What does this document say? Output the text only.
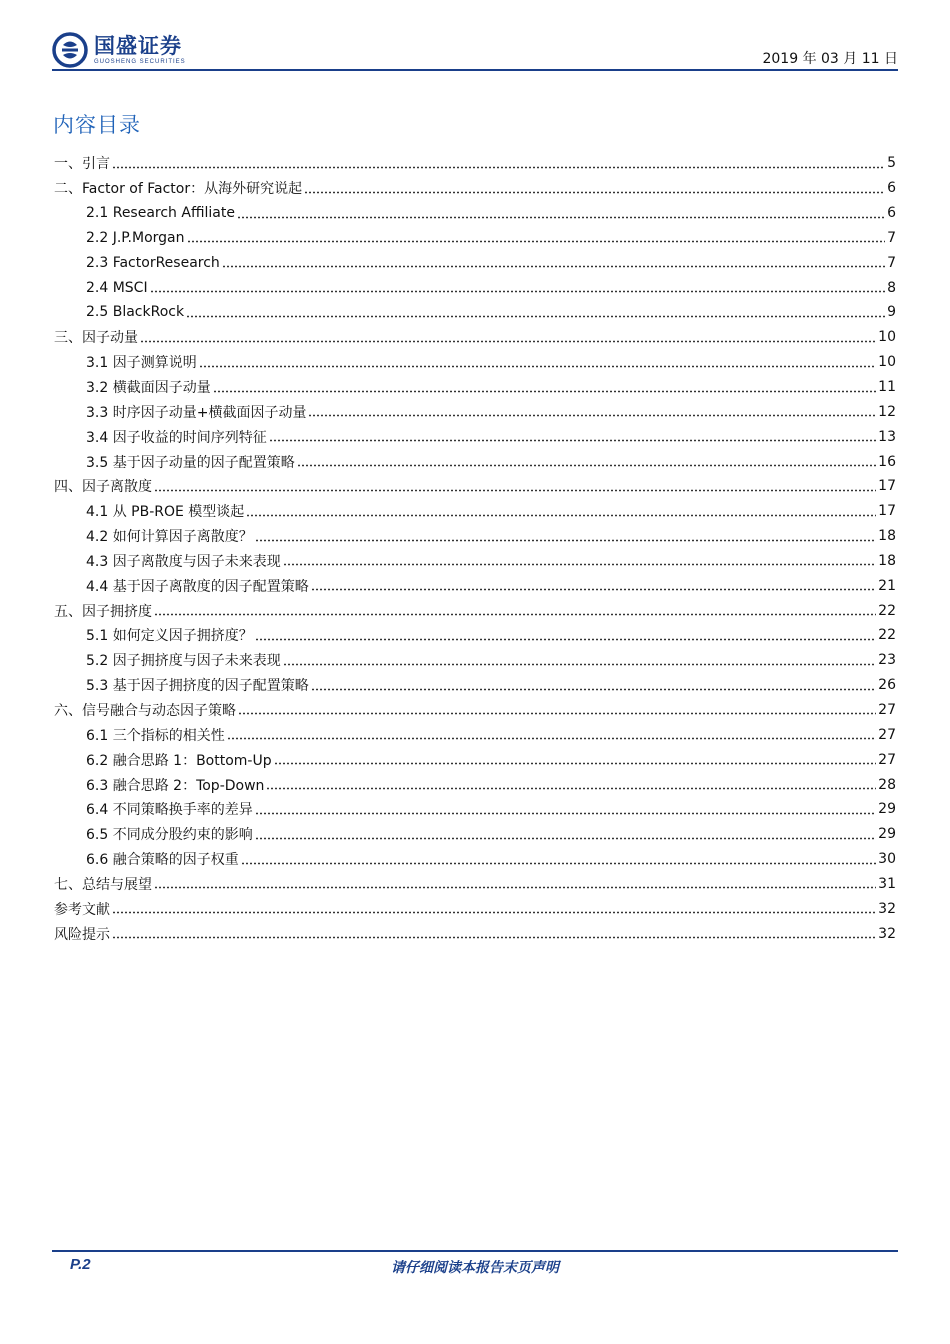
国盛证券
GUOSHENG SECURITIES	2019 年 03 月 11 日
内容目录
一、引言	5
二、Factor of Factor：从海外研究说起	6
2.1 Research Affiliate	6
2.2 J.P.Morgan	7
2.3 FactorResearch	7
2.4 MSCI	8
2.5 BlackRock	9
三、因子动量	10
3.1 因子测算说明	10
3.2 横截面因子动量	11
3.3 时序因子动量+横截面因子动量	12
3.4 因子收益的时间序列特征	13
3.5 基于因子动量的因子配置策略	16
四、因子离散度	17
4.1 从 PB-ROE 模型谈起	17
4.2 如何计算因子离散度？	18
4.3 因子离散度与因子未来表现	18
4.4 基于因子离散度的因子配置策略	21
五、因子拥挤度	22
5.1 如何定义因子拥挤度？	22
5.2 因子拥挤度与因子未来表现	23
5.3 基于因子拥挤度的因子配置策略	26
六、信号融合与动态因子策略	27
6.1 三个指标的相关性	27
6.2 融合思路 1：Bottom-Up	27
6.3 融合思路 2：Top-Down	28
6.4 不同策略换手率的差异	29
6.5 不同成分股约束的影响	29
6.6 融合策略的因子权重	30
七、总结与展望	31
参考文献	32
风险提示	32
P.2	请仔细阅读本报告末页声明
